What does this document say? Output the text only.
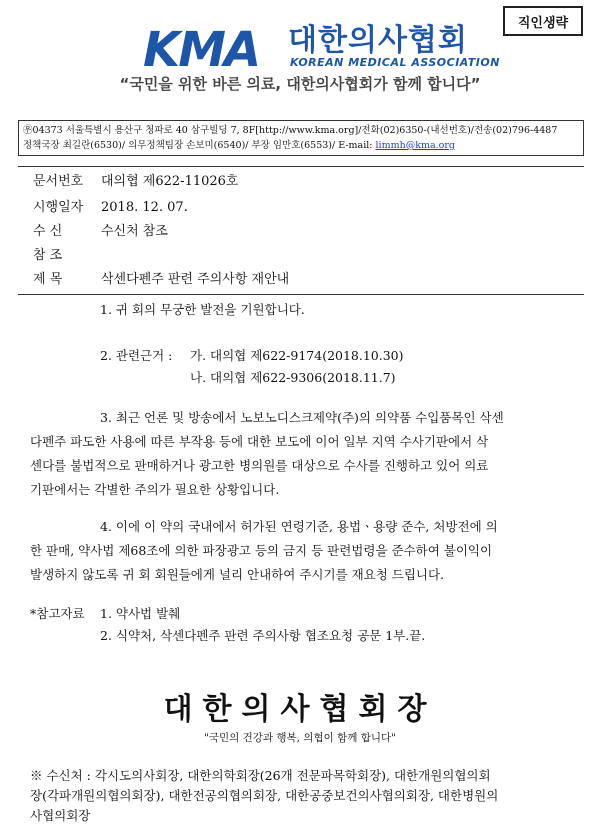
직인생략
KMA 대한의사협회
KOREAN MEDICAL ASSOCIATION
“국민을 위한 바른 의료, 대한의사협회가 함께 합니다”
㉾04373 서울특별시 용산구 청파로 40 삼구빌딩 7, 8F[http://www.kma.org]/전화(02)6350-(내선번호)/전송(02)796-4487
정책국장 최길란(6530)/ 의무정책팀장 손보미(6540)/ 부장 임만호(6553)/ E-mail: limmh@kma.org
문서번호 대의협 제622-11026호
시행일자 2018. 12. 07.
수 신	수신처 참조
참 조
제 목	삭센다펜주 판련 주의사항 재안내
1. 귀 회의 무궁한 발전을 기원합니다.
2. 관련근거 : 가. 대의협 제622-9174(2018.10.30)
나. 대의협 제622-9306(2018.11.7)
3. 최근 언론 및 방송에서 노보노디스크제약(주)의 의약품 수입품목인 삭센
다펜주 파도한 사용에 따른 부작용 등에 대한 보도에 이어 일부 지역 수사기판에서 삭
센다를 불법적으로 판매하거나 광고한 병의원를 대상으로 수사를 진행하고 있어 의료
기판에서는 각별한 주의가 필요한 상황입니다.
4. 이에 이 약의 국내에서 허가된 연령기준, 용법ㆍ용량 준수, 처방전에 의
한 판매, 약사법 제68조에 의한 파장광고 등의 금지 등 판련법령을 준수하여 불이익이
발생하지 않도록 귀 회 회원들에게 널리 안내하여 주시기를 재요청 드립니다.
*참고자료 1. 약사법 발췌
2. 식약처, 삭센다펜주 판련 주의사항 협조요청 공문 1부.끝.
대한의사협회장
"국민의 건강과 행복, 의협이 함께 합니다"
※ 수신처 : 각시도의사회장, 대한의학회장(26개 전문파목학회장), 대한개원의협의회
장(각파개원의협의회장), 대한전공의협의회장, 대한공중보건의사협의회장, 대한병원의
사협의회장
